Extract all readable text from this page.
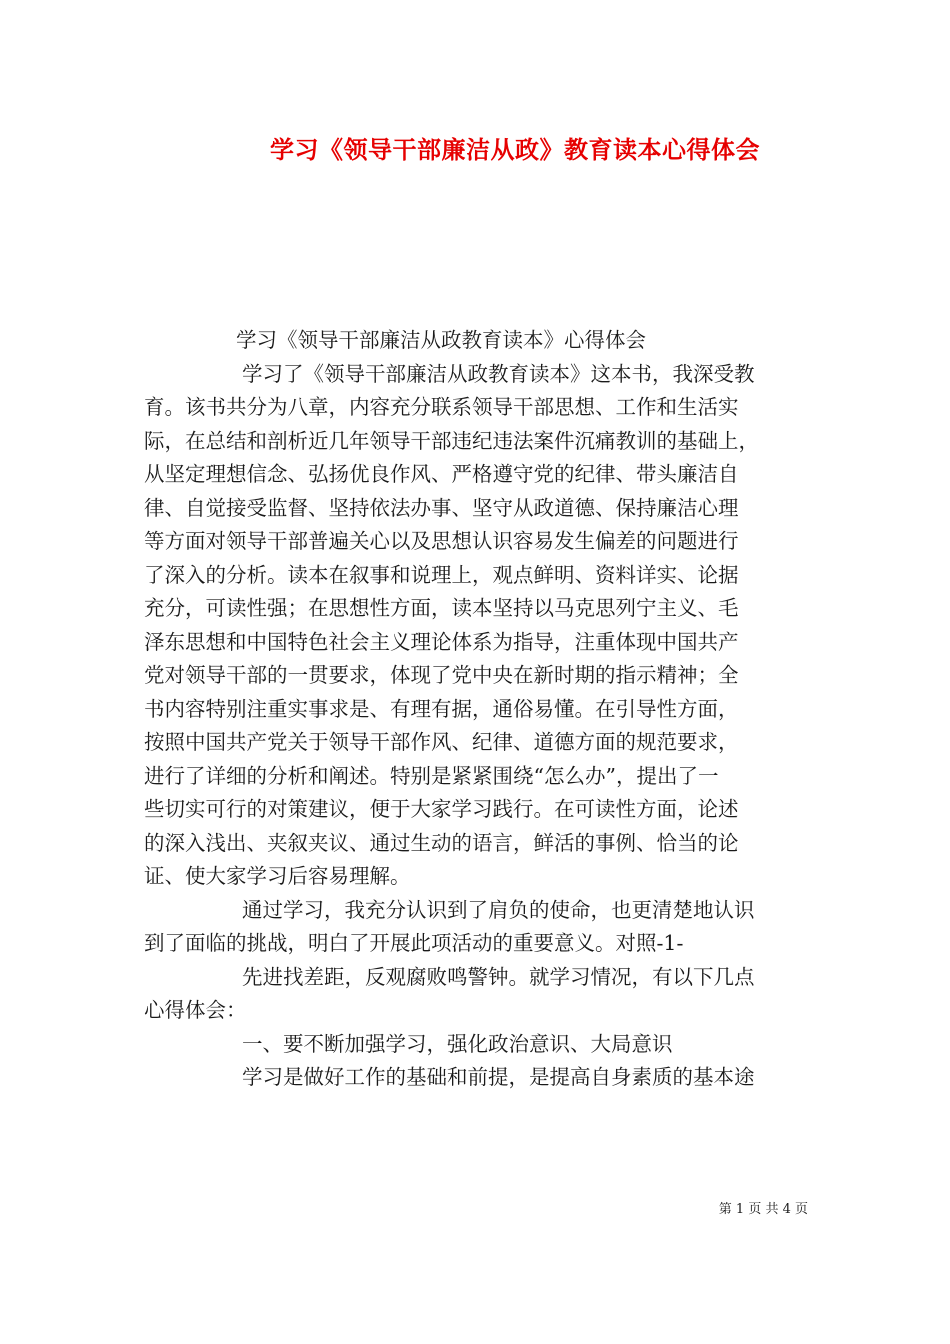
学习《领导干部廉洁从政》教育读本心得体会
学习《领导干部廉洁从政教育读本》心得体会
学习了《领导干部廉洁从政教育读本》这本书，我深受教
育。该书共分为八章，内容充分联系领导干部思想、工作和生活实
际，在总结和剖析近几年领导干部违纪违法案件沉痛教训的基础上，
从坚定理想信念、弘扬优良作风、严格遵守党的纪律、带头廉洁自
律、自觉接受监督、坚持依法办事、坚守从政道德、保持廉洁心理
等方面对领导干部普遍关心以及思想认识容易发生偏差的问题进行
了深入的分析。读本在叙事和说理上，观点鲜明、资料详实、论据
充分，可读性强；在思想性方面，读本坚持以马克思列宁主义、毛
泽东思想和中国特色社会主义理论体系为指导，注重体现中国共产
党对领导干部的一贯要求，体现了党中央在新时期的指示精神；全
书内容特别注重实事求是、有理有据，通俗易懂。在引导性方面，
按照中国共产党关于领导干部作风、纪律、道德方面的规范要求，
进行了详细的分析和阐述。特别是紧紧围绕“怎么办”，提出了一
些切实可行的对策建议，便于大家学习践行。在可读性方面，论述
的深入浅出、夹叙夹议、通过生动的语言，鲜活的事例、恰当的论
证、使大家学习后容易理解。
通过学习，我充分认识到了肩负的使命，也更清楚地认识
到了面临的挑战，明白了开展此项活动的重要意义。对照-1-
先进找差距，反观腐败鸣警钟。就学习情况，有以下几点
心得体会：
一、要不断加强学习，强化政治意识、大局意识
学习是做好工作的基础和前提，是提高自身素质的基本途
第 1 页 共 4 页
